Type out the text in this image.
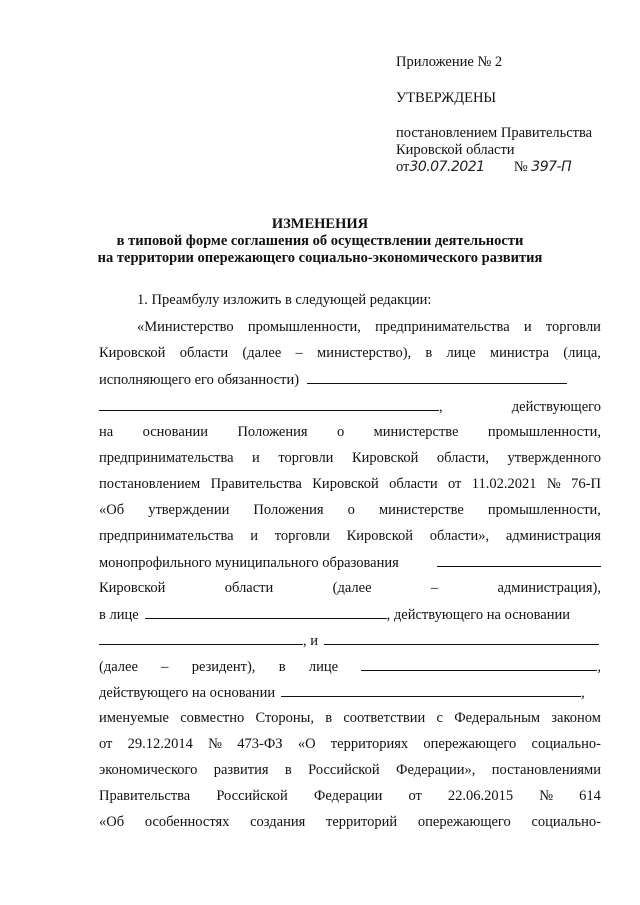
Приложение № 2
УТВЕРЖДЕНЫ
постановлением Правительства
Кировской области
от30.07.2021 № 397-П
ИЗМЕНЕНИЯ
в типовой форме соглашения об осуществлении деятельности
на территории опережающего социально-экономического развития
1. Преамбулу изложить в следующей редакции:
«Министерство промышленности, предпринимательства и торговли
Кировской области (далее – министерство), в лице министра (лица,
исполняющего его обязанности)
,	действующего
на основании Положения о министерстве промышленности,
предпринимательства и торговли Кировской области, утвержденного
постановлением Правительства Кировской области от 11.02.2021 № 76-П
«Об утверждении Положения о министерстве промышленности,
предпринимательства и торговли Кировской области», администрация
монопрофильного муниципального образования
Кировской	области	(далее	–	администрация),
в лице	, действующего на основании
, и
(далее – резидент), в лице	,
действующего на основании	,
именуемые совместно Стороны, в соответствии с Федеральным законом
от 29.12.2014 № 473-ФЗ «О территориях опережающего социально-
экономического развития в Российской Федерации», постановлениями
Правительства Российской Федерации от 22.06.2015 № 614
«Об особенностях создания территорий опережающего социально-
